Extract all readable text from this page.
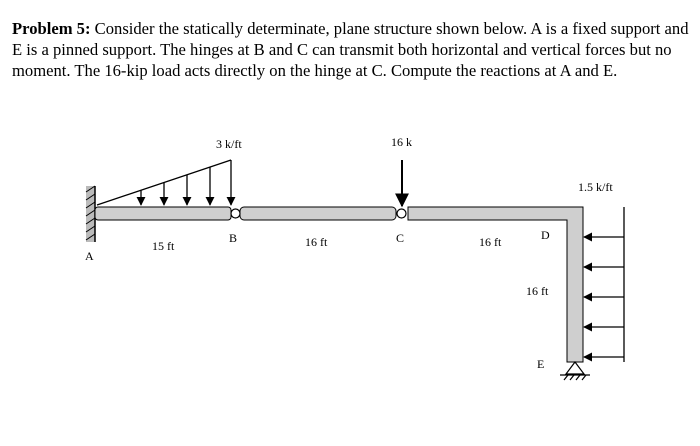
Problem 5: Consider the statically determinate, plane structure shown below. A is a fixed support and E is a pinned support. The hinges at B and C can transmit both horizontal and vertical forces but no moment. The 16-kip load acts directly on the hinge at C. Compute the reactions at A and E.
3 k/ft	16 k
1.5 k/ft
A
B	C	D
E
15 ft	16 ft	16 ft
16 ft
